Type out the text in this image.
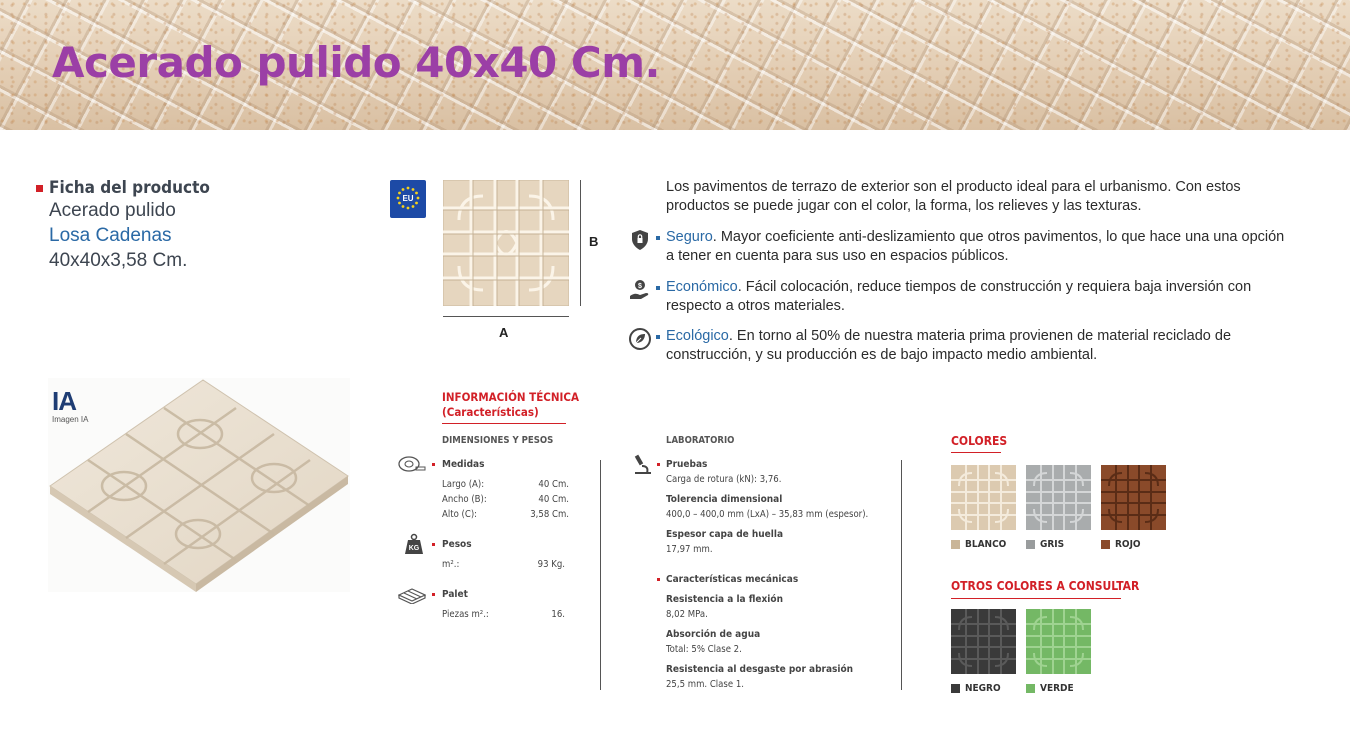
Acerado pulido 40x40 Cm.
Ficha del producto
Acerado pulido
Losa Cadenas
40x40x3,58 Cm.
IA
Imagen IA
EU
B
A
Los pavimentos de terrazo de exterior son el producto ideal para el urbanismo. Con estos productos se puede jugar con el color, la forma, los relieves y las texturas.
Seguro. Mayor coeficiente anti-deslizamiento que otros pavimentos, lo que hace una una opción a tener en cuenta para sus uso en espacios públicos.
$ Económico. Fácil colocación, reduce tiempos de construcción y requiera baja inversión con respecto a otros materiales.
Ecológico. En torno al 50% de nuestra materia prima provienen de material reciclado de construcción, y su producción es de bajo impacto medio ambiental.
INFORMACIÓN TÉCNICA
(Características)
DIMENSIONES Y PESOS
Medidas
Largo (A):	40 Cm.
Ancho (B):	40 Cm.
Alto (C):	3,58 Cm.
KG Pesos
m².:	93 Kg.
Palet
Piezas m².:	16.
LABORATORIO
Pruebas
Carga de rotura (kN): 3,76.
Tolerencia dimensional
400,0 – 400,0 mm (LxA) – 35,83 mm (espesor).
Espesor capa de huella
17,97 mm.
Características mecánicas
Resistencia a la flexión
8,02 MPa.
Absorción de agua
Total: 5% Clase 2.
Resistencia al desgaste por abrasión
25,5 mm. Clase 1.
COLORES
BLANCO	GRIS	ROJO
OTROS COLORES A CONSULTAR
NEGRO	VERDE
